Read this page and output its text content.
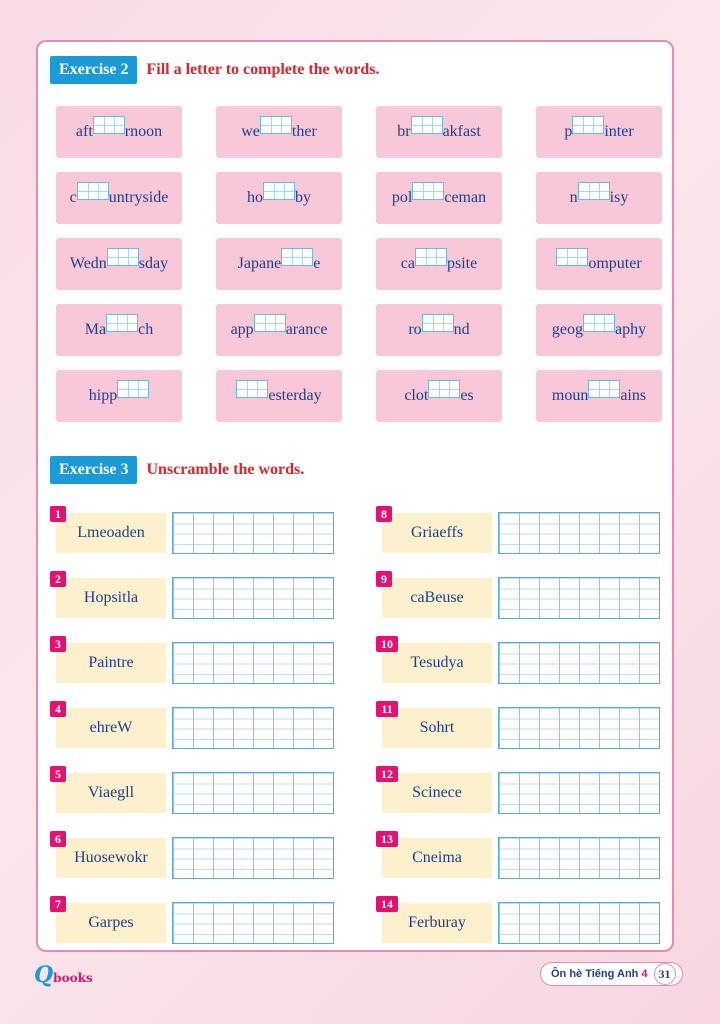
Exercise 2	Fill a letter to complete the words.
aft rnoon	we ther	br akfast	p inter
c untryside	ho by	pol ceman	n isy
Wedn sday	Japane e	ca psite	omputer
Ma ch	app arance	ro nd	geog aphy
hipp	esterday	clot es	moun ains
Exercise 3	Unscramble the words.
Lmeoaden
1
Hopsitla
2
Paintre
3
ehreW
4
Viaegll
5
Huosewokr
6
Garpes
7
Griaeffs
8
caBeuse
9
Tesudya
10
Sohrt
11
Scinece
12
Cneima
13
Ferburay
14
Qbooks	Ôn hè Tiếng Anh 4 31
